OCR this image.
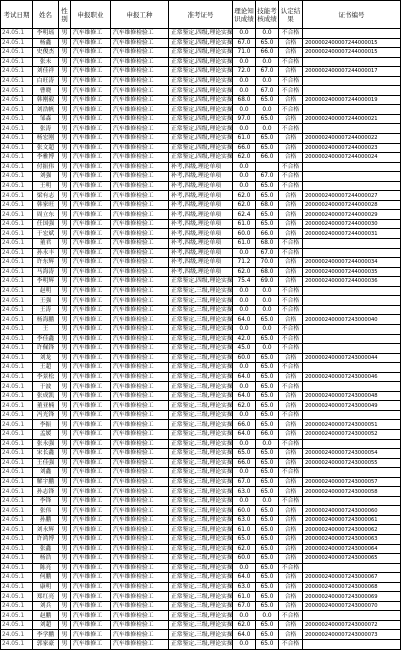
考试日期	姓名	性别	申报职业	申报工种	准考证号	理论知识成绩	技能考核成绩	认定结果	证书编号
24.05.1	李明瑶	男	汽车维修工	汽车维修检验工	正常鉴定,四级,理论实操	0.0	0.0	不合格	
24.05.1	杨鑫	男	汽车维修工	汽车维修检验工	正常鉴定,四级,理论实操	67.0	65.0	合格	2000002400007244000015
24.05.1	史俊杰	男	汽车维修工	汽车维修检验工	正常鉴定,四级,理论实操	71.0	66.0	合格	2000002400007244000015
24.05.1	张未	男	汽车维修工	汽车维修检验工	正常鉴定,四级,理论实操	0.0	0.0	不合格	
24.05.1	刘佳祥	男	汽车维修工	汽车维修检验工	正常鉴定,四级,理论实操	72.0	67.0	合格	2000002400007244000017
24.05.1	白旺涛	男	汽车维修工	汽车维修检验工	正常鉴定,四级,理论实操	0.0	0.0	不合格	
24.05.1	曹晓	男	汽车维修工	汽车维修检验工	正常鉴定,四级,理论实操	0.0	67.0	不合格	
24.05.1	韩刚毅	男	汽车维修工	汽车维修检验工	正常鉴定,四级,理论实操	68.0	65.0	合格	2000002400007244000019
24.05.1	刘浩帆	男	汽车维修工	汽车维修检验工	正常鉴定,四级,理论实操	0.0	0.0	不合格	
24.05.1	邹森	男	汽车维修工	汽车维修检验工	正常鉴定,四级,理论实操	97.0	65.0	合格	2000002400007244000021
24.05.1	张涛	男	汽车维修工	汽车维修检验工	正常鉴定,四级,理论实操	0.0	0.0	不合格	
24.05.1	杨宏刚	男	汽车维修工	汽车维修检验工	正常鉴定,四级,理论实操	61.0	65.0	合格	2000002400007244000022
24.05.1	张文超	男	汽车维修工	汽车维修检验工	正常鉴定,四级,理论实操	66.0	65.0	合格	2000002400007244000023
24.05.1	李雅博	男	汽车维修工	汽车维修检验工	正常鉴定,四级,理论实操	62.0	66.0	合格	2000002400007244000024
24.05.1	付振伟	男	汽车维修工	汽车维修检验工	补考,四级,理论单项	0.0		不合格	
24.05.1	刘强	男	汽车维修工	汽车维修检验工	补考,四级,理论单项	0.0	67.0	不合格	
24.05.1	王明	男	汽车维修工	汽车维修检验工	补考,四级,理论单项	0.0	65.0	不合格	
24.05.1	梁有志	男	汽车维修工	汽车维修检验工	补考,四级,理论单项	62.0	65.0	合格	2000002400007244000027
24.05.1	韩家旺	男	汽车维修工	汽车维修检验工	补考,四级,理论单项	62.0	68.0	合格	2000002400007244000028
24.05.1	周立东	男	汽车维修工	汽车维修检验工	补考,四级,理论单项	62.4	65.0	合格	2000002400007244000029
24.05.1	任国强	男	汽车维修工	汽车维修检验工	补考,四级,理论单项	61.0	65.0	合格	2000002400007244000030
24.05.1	于宏斌	男	汽车维修工	汽车维修检验工	补考,四级,理论单项	60.0	66.0	合格	2000002400007244000031
24.05.1	董君	男	汽车维修工	汽车维修检验工	补考,四级,理论单项	61.0	68.0	不合格	
24.05.1	孙永丰	男	汽车维修工	汽车维修检验工	补考,四级,理论单项	0.0	67.0	不合格	
24.05.1	许东辉	男	汽车维修工	汽车维修检验工	补考,四级,理论单项	71.2	70.0	合格	2000002400007244000034
24.05.1	马海涛	男	汽车维修工	汽车维修检验工	补考,四级,理论单项	62.0	68.0	合格	2000002400007244000035
24.05.1	李明辉	男	汽车维修工	汽车维修检验工	正常鉴定,四级,理论实操	75.4	69.0	合格	2000002400007244000036
24.05.1	赵明	男	汽车维修工	汽车维修检验工	正常鉴定,三级,理论实操	0.0	0.0	不合格	
24.05.1	王强	男	汽车维修工	汽车维修检验工	正常鉴定,三级,理论实操	0.0	0.0	不合格	
24.05.1	王涛	男	汽车维修工	汽车维修检验工	正常鉴定,三级,理论实操	0.0	0.0	不合格	
24.05.1	杨海鹏	男	汽车维修工	汽车维修检验工	正常鉴定,三级,理论实操	64.0	65.0	合格	2000002400007243000040
24.05.1	王	男	汽车维修工	汽车维修检验工	正常鉴定,三级,理论实操	0.0	0.0	不合格	
24.05.1	李佳鑫	男	汽车维修工	汽车维修检验工	正常鉴定,三级,理论实操	42.0	65.0	不合格	
24.05.1	许佩锋	男	汽车维修工	汽车维修检验工	正常鉴定,三级,理论实操	45.0	0.0	不合格	
24.05.1	刘龙	男	汽车维修工	汽车维修检验工	正常鉴定,三级,理论实操	60.0	65.0	合格	2000002400007243000044
24.05.1	王超	男	汽车维修工	汽车维修检验工	正常鉴定,三级,理论实操	0.0	65.0	不合格	
24.05.1	李景松	男	汽车维修工	汽车维修检验工	正常鉴定,三级,理论实操	64.0	65.0	合格	2000002400007243000046
24.05.1	于波	男	汽车维修工	汽车维修检验工	正常鉴定,三级,理论实操	0.0	65.0	不合格	
24.05.1	张成凯	男	汽车维修工	汽车维修检验工	正常鉴定,三级,理论实操	64.0	65.0	合格	2000002400007243000048
24.05.1	董亚楠	男	汽车维修工	汽车维修检验工	正常鉴定,三级,理论实操	62.0	65.0	合格	2000002400007243000049
24.05.1	冯光锋	男	汽车维修工	汽车维修检验工	正常鉴定,三级,理论实操	0.0	65.0	不合格	
24.05.1	李振	男	汽车维修工	汽车维修检验工	正常鉴定,三级,理论实操	66.0	65.0	合格	2000002400007243000051
24.05.1	孟媛	男	汽车维修工	汽车维修检验工	正常鉴定,三级,理论实操	64.0	66.0	合格	2000002400007243000052
24.05.1	张永强	男	汽车维修工	汽车维修检验工	正常鉴定,三级,理论实操	0.0	0.0	不合格	
24.05.1	宋长鑫	男	汽车维修工	汽车维修检验工	正常鉴定,三级,理论实操	65.0	65.0	合格	2000002400007243000054
24.05.1	王佳强	男	汽车维修工	汽车维修检验工	正常鉴定,三级,理论实操	66.0	65.0	合格	2000002400007243000055
24.05.1	刘鑫	男	汽车维修工	汽车维修检验工	正常鉴定,三级,理论实操	0.0	65.0	不合格	
24.05.1	解宇鹏	男	汽车维修工	汽车维修检验工	正常鉴定,三级,理论实操	67.0	65.0	合格	2000002400007243000057
24.05.1	孙志锋	男	汽车维修工	汽车维修检验工	正常鉴定,三级,理论实操	63.0	65.0	合格	2000002400007243000058
24.05.1	李锋	男	汽车维修工	汽车维修检验工	正常鉴定,三级,理论实操	0.0	0.0	不合格	
24.05.1	张伟	男	汽车维修工	汽车维修检验工	正常鉴定,三级,理论实操	60.0	65.0	合格	2000002400007243000060
24.05.1	孙鹏	男	汽车维修工	汽车维修检验工	正常鉴定,三级,理论实操	63.0	65.0	合格	2000002400007243000061
24.05.1	刘永辉	男	汽车维修工	汽车维修检验工	正常鉴定,三级,理论实操	61.0	65.0	合格	2000002400007243000062
24.05.1	许鸿博	男	汽车维修工	汽车维修检验工	正常鉴定,三级,理论实操	65.0	65.0	合格	2000002400007243000063
24.05.1	张鑫	男	汽车维修工	汽车维修检验工	正常鉴定,三级,理论实操	62.0	65.0	合格	2000002400007243000064
24.05.1	杨浩	男	汽车维修工	汽车维修检验工	正常鉴定,三级,理论实操	60.0	65.0	合格	2000002400007243000065
24.05.1	陈亮	男	汽车维修工	汽车维修检验工	正常鉴定,三级,理论实操	0.0	65.0	不合格	
24.05.1	何鹏	男	汽车维修工	汽车维修检验工	正常鉴定,三级,理论实操	64.0	65.0	合格	2000002400007243000067
24.05.1	康明	男	汽车维修工	汽车维修检验工	正常鉴定,三级,理论实操	63.0	65.0	合格	2000002400007243000068
24.05.1	郑红亮	男	汽车维修工	汽车维修检验工	正常鉴定,三级,理论实操	61.0	65.0	合格	2000002400007243000069
24.05.1	刘兵	男	汽车维修工	汽车维修检验工	正常鉴定,三级,理论实操	67.0	65.0	合格	2000002400007243000070
24.05.1	赵鹏	男	汽车维修工	汽车维修检验工	正常鉴定,三级,理论实操	0.0	0.0	不合格	
24.05.1	刘超	男	汽车维修工	汽车维修检验工	正常鉴定,三级,理论实操	62.0	65.0	合格	2000002400007243000072
24.05.1	李学鹏	男	汽车维修工	汽车维修检验工	正常鉴定,三级,理论实操	64.0	65.0	合格	2000002400007243000073
24.05.1	郭家豪	男	汽车维修工	汽车维修检验工	正常鉴定,三级,理论实操	0.0	65.0	不合格	
